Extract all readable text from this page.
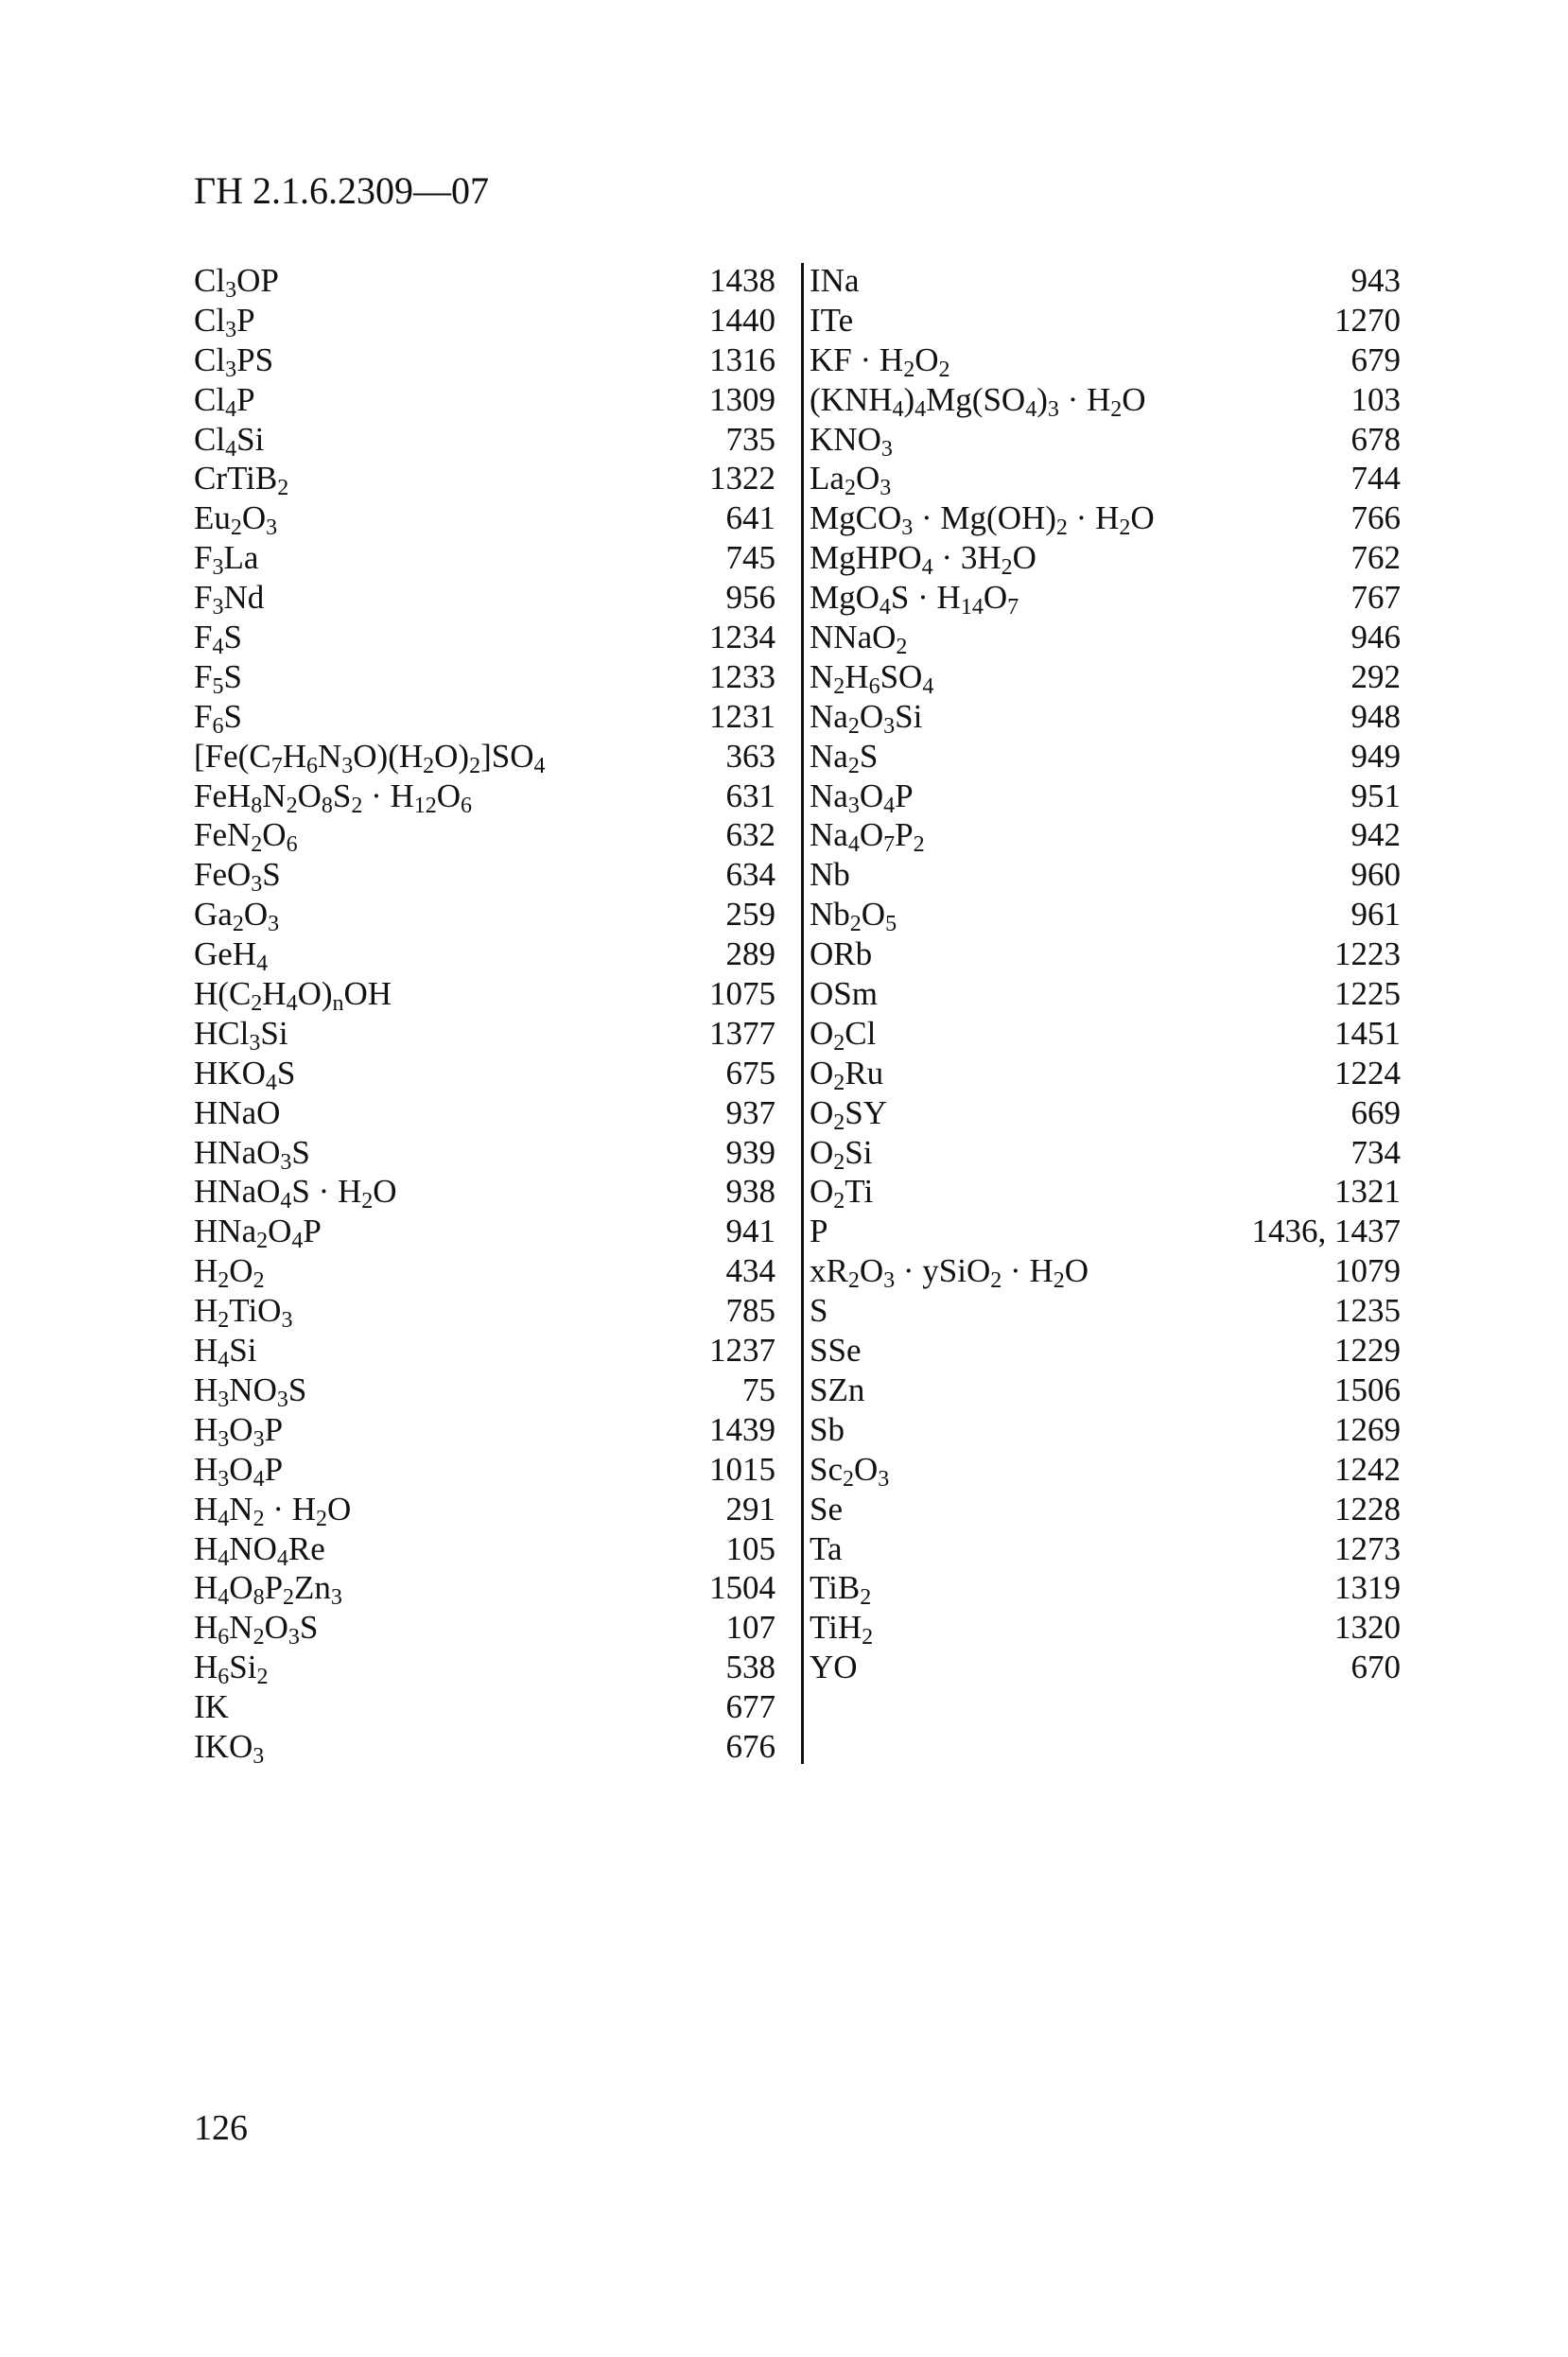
ГН 2.1.6.2309—07
$Cl_3OP$	1438
$Cl_3P$	1440
$Cl_3PS$	1316
$Cl_4P$	1309
$Cl_4Si$	735
CrTiB$_2$	1322
$Eu_2O_3$	641
$F_3La$	745
$F_3Nd$	956
$F_4S$	1234
$F_5S$	1233
$F_6S$	1231
$[Fe(C_7H_6N_3O)(H_2O)_2]SO_4$	363
$FeH_8N_2O_8S_2 \cdot H_{12}O_6$	631
$FeN_2O_6$	632
FeO$_3$S	634
$Ga_2O_3$	259
GeH$_4$	289
$H(C_2H_4O)_nOH$	1075
HCl$_3$Si	1377
$HKO_4S$	675
HNaO	937
HNaO$_3$S	939
HNaO$_4$S · $H_2O$	938
$HNa_2O_4P$	941
$H_2O_2$	434
$H_2TiO_3$	785
$H_4Si$	1237
$H_3NO_3S$	75
$H_3O_3P$	1439
$H_3O_4P$	1015
$H_4N_2 \cdot H_2O$	291
$H_4NO_4Re$	105
$H_4O_8P_2Zn_3$	1504
$H_6N_2O_3S$	107
$H_6Si_2$	538
IK	677
$IKO_3$	676
INa	943
ITe	1270
KF · $H_2O_2$	679
$(KNH_4)_4Mg(SO_4)_3 \cdot H_2O$	103
$KNO_3$	678
$La_2O_3$	744
MgCO$_3$ · $Mg(OH)_2 \cdot H_2O$	766
MgHPO$_4$ · $3H_2O$	762
$MgO_4S \cdot H_{14}O_7$	767
NNaO$_2$	946
$N_2H_6SO_4$	292
$Na_2O_3Si$	948
$Na_2S$	949
$Na_3O_4P$	951
$Na_4O_7P_2$	942
Nb	960
$Nb_2O_5$	961
ORb	1223
OSm	1225
$O_2Cl$	1451
$O_2Ru$	1224
$O_2SY$	669
$O_2Si$	734
$O_2Ti$	1321
P	1436, 1437
$xR_2O_3$ · ySiO$_2$ · $H_2O$	1079
S	1235
SSe	1229
SZn	1506
Sb	1269
$Sc_2O_3$	1242
Se	1228
Ta	1273
TiB$_2$	1319
TiH$_2$	1320
YO	670
126
